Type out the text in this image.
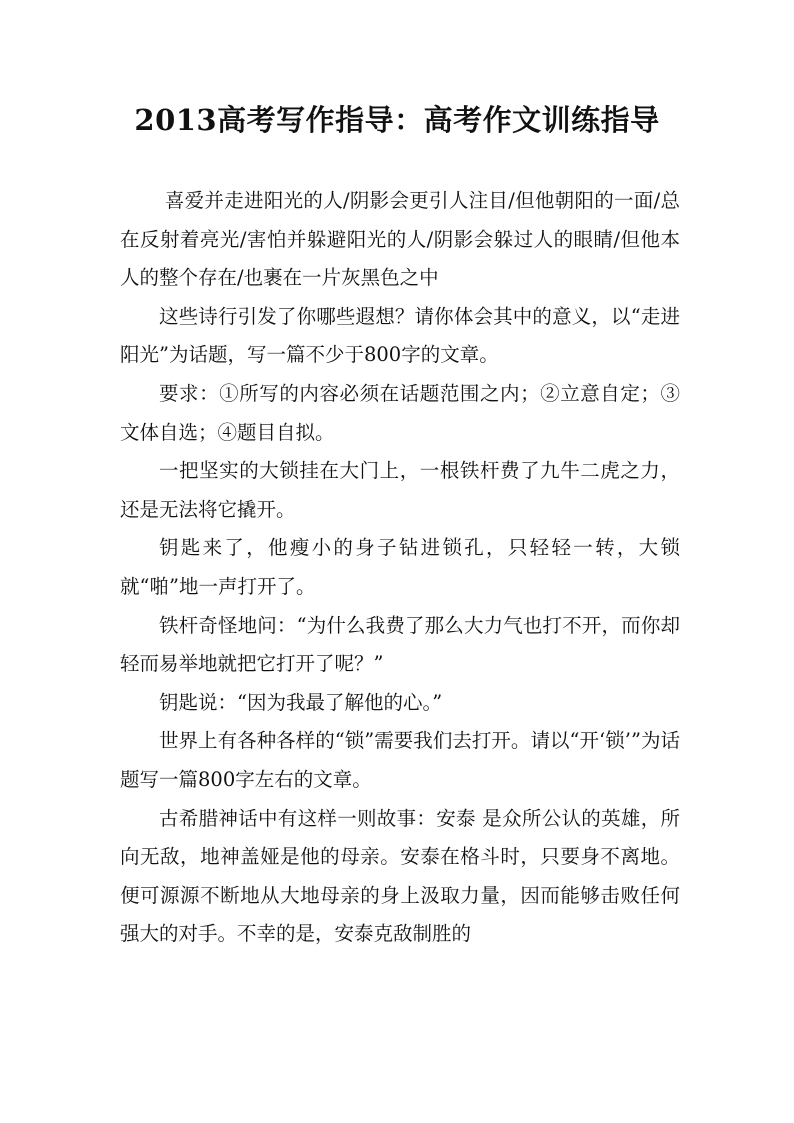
2013高考写作指导：高考作文训练指导

喜爱并走进阳光的人/阴影会更引人注目/但他朝阳的一面/总在反射着亮光/害怕并躲避阳光的人/阴影会躲过人的眼睛/但他本人的整个存在/也裹在一片灰黑色之中

这些诗行引发了你哪些遐想？请你体会其中的意义，以“走进阳光”为话题，写一篇不少于800字的文章。

要求：①所写的内容必须在话题范围之内；②立意自定；③文体自选；④题目自拟。

一把坚实的大锁挂在大门上，一根铁杆费了九牛二虎之力，还是无法将它撬开。

钥匙来了，他瘦小的身子钻进锁孔，只轻轻一转，大锁就“啪”地一声打开了。

铁杆奇怪地问：“为什么我费了那么大力气也打不开，而你却轻而易举地就把它打开了呢？”

钥匙说：“因为我最了解他的心。”

世界上有各种各样的“锁”需要我们去打开。请以“开‘锁’”为话题写一篇800字左右的文章。

古希腊神话中有这样一则故事：安泰 是众所公认的英雄，所向无敌，地神盖娅是他的母亲。安泰在格斗时，只要身不离地。便可源源不断地从大地母亲的身上汲取力量，因而能够击败任何强大的对手。不幸的是，安泰克敌制胜的
